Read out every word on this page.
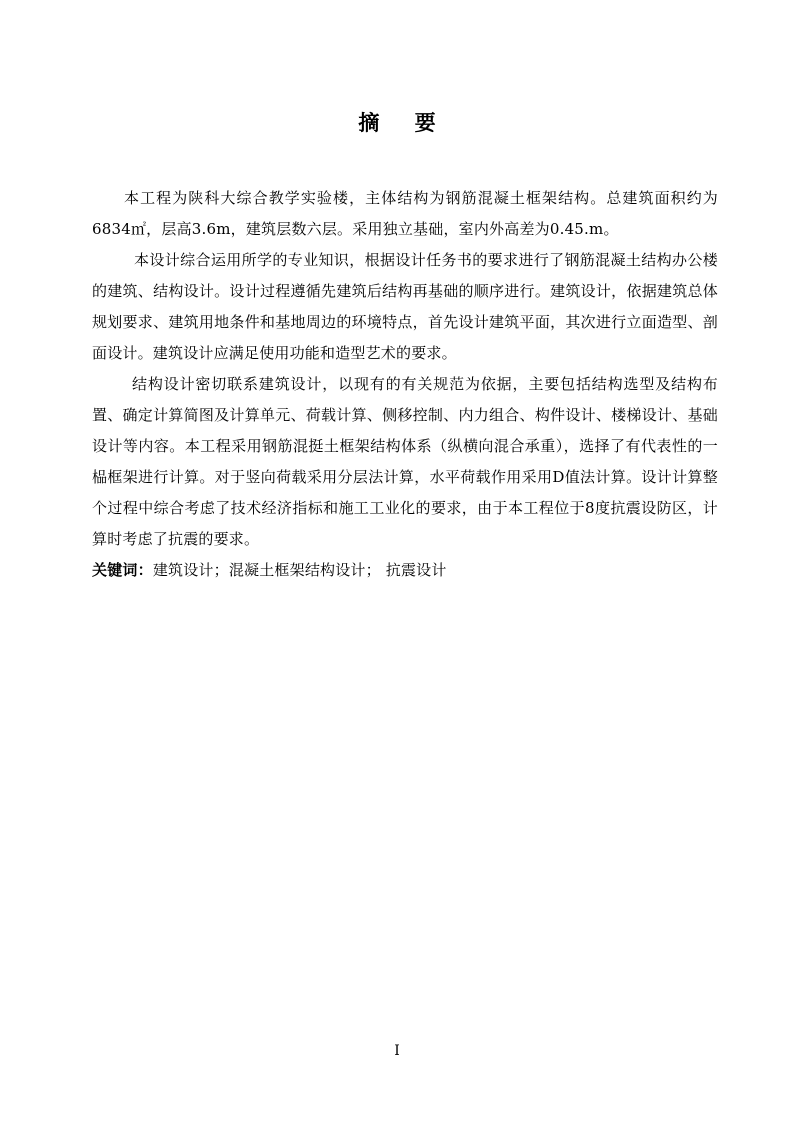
摘 要

本工程为陕科大综合教学实验楼，主体结构为钢筋混凝土框架结构。总建筑面积约为6834㎡，层高3.6m，建筑层数六层。采用独立基础，室内外高差为0.45.m。

本设计综合运用所学的专业知识，根据设计任务书的要求进行了钢筋混凝土结构办公楼的建筑、结构设计。设计过程遵循先建筑后结构再基础的顺序进行。建筑设计，依据建筑总体规划要求、建筑用地条件和基地周边的环境特点，首先设计建筑平面，其次进行立面造型、剖面设计。建筑设计应满足使用功能和造型艺术的要求。

结构设计密切联系建筑设计，以现有的有关规范为依据，主要包括结构选型及结构布置、确定计算简图及计算单元、荷载计算、侧移控制、内力组合、构件设计、楼梯设计、基础设计等内容。本工程采用钢筋混挺土框架结构体系（纵横向混合承重），选择了有代表性的一榀框架进行计算。对于竖向荷载采用分层法计算，水平荷载作用采用D值法计算。设计计算整个过程中综合考虑了技术经济指标和施工工业化的要求，由于本工程位于8度抗震设防区，计算时考虑了抗震的要求。

关键词：建筑设计；混凝土框架结构设计； 抗震设计

I
